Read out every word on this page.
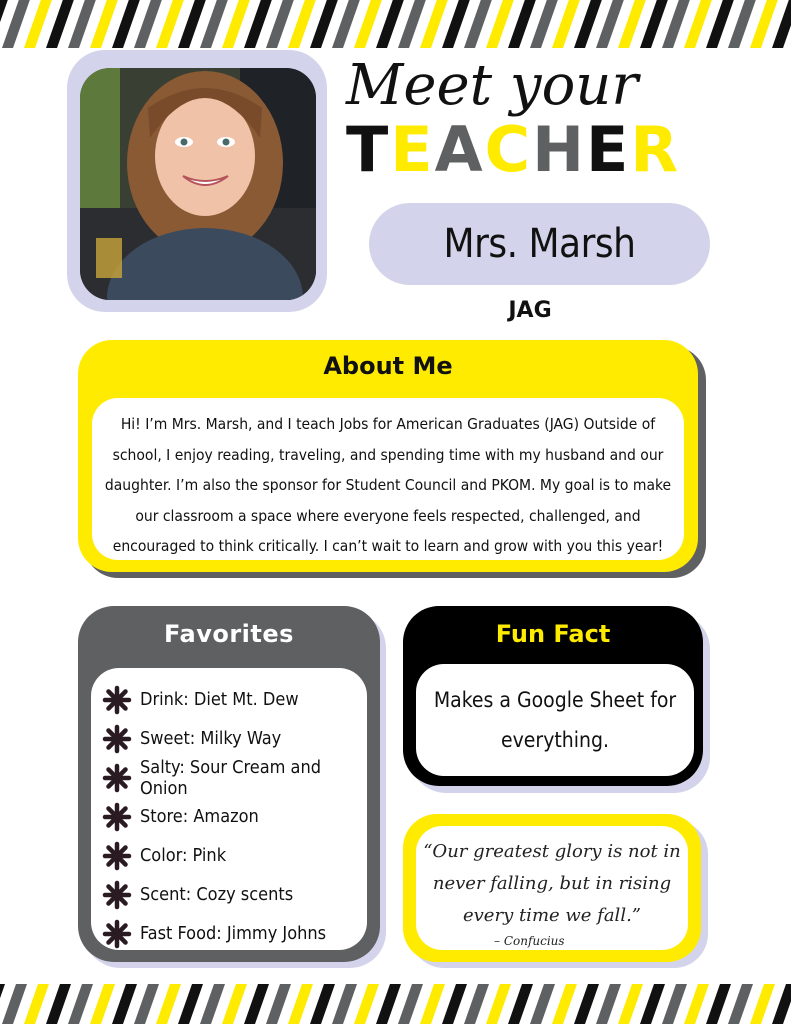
Meet your
TEACHER
Mrs. Marsh
JAG
About Me
Hi! I’m Mrs. Marsh, and I teach Jobs for American Graduates (JAG) Outside of school, I enjoy reading, traveling, and spending time with my husband and our daughter. I’m also the sponsor for Student Council and PKOM. My goal is to make our classroom a space where everyone feels respected, challenged, and encouraged to think critically. I can’t wait to learn and grow with you this year!
Favorites
Drink: Diet Mt. Dew
Sweet: Milky Way
Salty: Sour Cream and Onion
Store: Amazon
Color: Pink
Scent: Cozy scents
Fast Food: Jimmy Johns
Fun Fact
Makes a Google Sheet for everything.
“Our greatest glory is not in never falling, but in rising every time we fall.”
– Confucius
